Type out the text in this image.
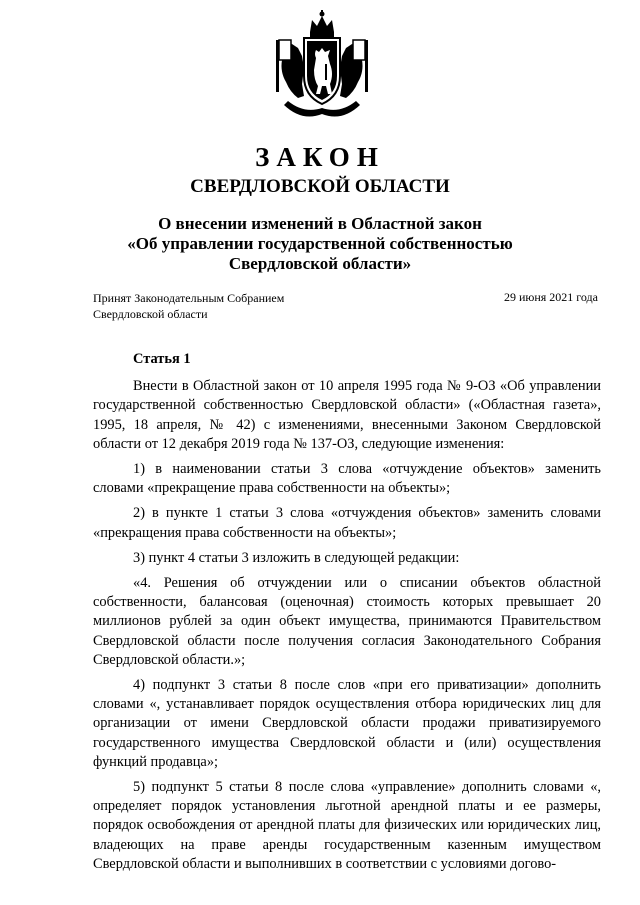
ЗАКОН
СВЕРДЛОВСКОЙ ОБЛАСТИ
О внесении изменений в Областной закон
«Об управлении государственной собственностью
Свердловской области»
Принят Законодательным Собранием
Свердловской области
29 июня 2021 года
Статья 1

Внести в Областной закон от 10 апреля 1995 года № 9-ОЗ «Об управлении государственной собственностью Свердловской области» («Областная газета», 1995, 18 апреля, № 42) с изменениями, внесенными Законом Свердловской области от 12 декабря 2019 года № 137-ОЗ, следующие изменения:

1) в наименовании статьи 3 слова «отчуждение объектов» заменить словами «прекращение права собственности на объекты»;

2) в пункте 1 статьи 3 слова «отчуждения объектов» заменить словами «прекращения права собственности на объекты»;

3) пункт 4 статьи 3 изложить в следующей редакции:

«4. Решения об отчуждении или о списании объектов областной собственности, балансовая (оценочная) стоимость которых превышает 20 миллионов рублей за один объект имущества, принимаются Правительством Свердловской области после получения согласия Законодательного Собрания Свердловской области.»;

4) подпункт 3 статьи 8 после слов «при его приватизации» дополнить словами «, устанавливает порядок осуществления отбора юридических лиц для организации от имени Свердловской области продажи приватизируемого государственного имущества Свердловской области и (или) осуществления функций продавца»;

5) подпункт 5 статьи 8 после слова «управление» дополнить словами «, определяет порядок установления льготной арендной платы и ее размеры, порядок освобождения от арендной платы для физических или юридических лиц, владеющих на праве аренды государственным казенным имуществом Свердловской области и выполнивших в соответствии с условиями догово-
